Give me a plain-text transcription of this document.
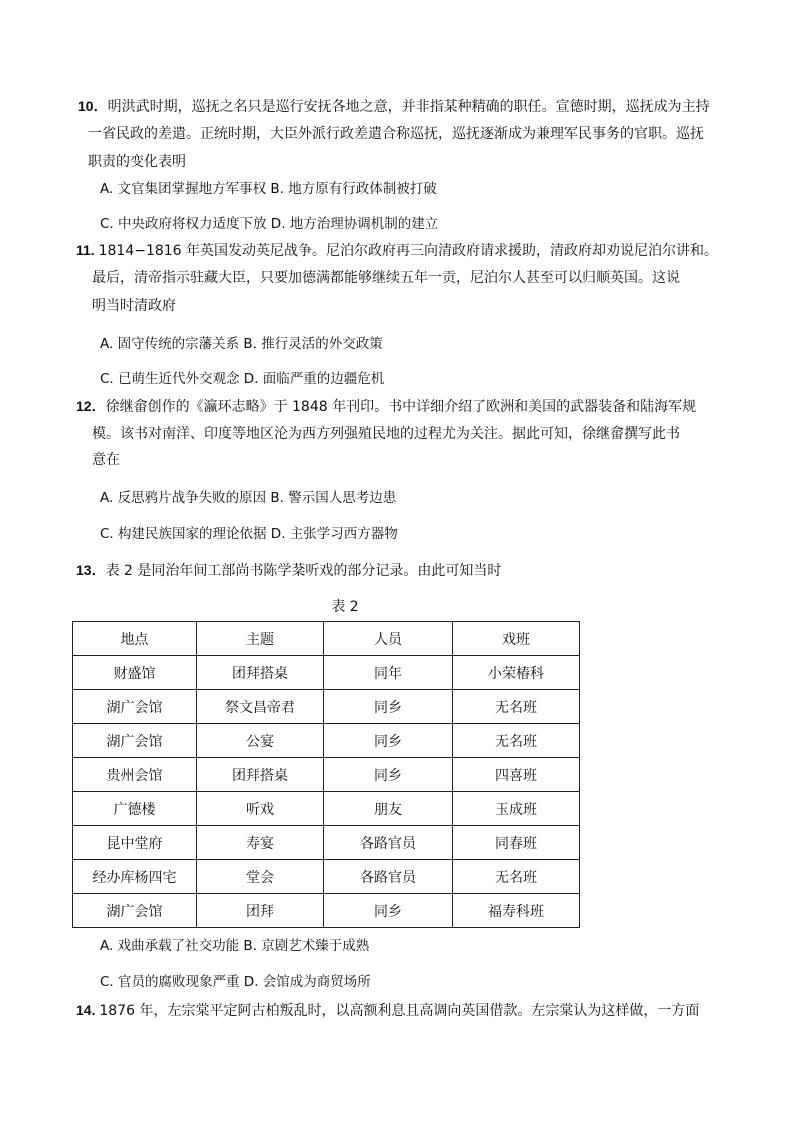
10．明洪武时期，巡抚之名只是巡行安抚各地之意，并非指某种精确的职任。宣德时期，巡抚成为主持
一省民政的差遣。正统时期，大臣外派行政差遣合称巡抚，巡抚逐渐成为兼理军民事务的官职。巡抚
职责的变化表明
A. 文官集团掌握地方军事权 B. 地方原有行政体制被打破
C. 中央政府将权力适度下放 D. 地方治理协调机制的建立
11. 1814−1816 年英国发动英尼战争。尼泊尔政府再三向清政府请求援助，清政府却劝说尼泊尔讲和。
最后，清帝指示驻藏大臣，只要加德满都能够继续五年一贡，尼泊尔人甚至可以归顺英国。这说
明当时清政府
A. 固守传统的宗藩关系 B. 推行灵活的外交政策
C. 已萌生近代外交观念 D. 面临严重的边疆危机
12．徐继畲创作的《瀛环志略》于 1848 年刊印。书中详细介绍了欧洲和美国的武器装备和陆海军规
模。该书对南洋、印度等地区沦为西方列强殖民地的过程尤为关注。据此可知，徐继畲撰写此书
意在
A. 反思鸦片战争失败的原因 B. 警示国人思考边患
C. 构建民族国家的理论依据 D. 主张学习西方器物
13．表 2 是同治年间工部尚书陈学棻听戏的部分记录。由此可知当时
表 2
地点	主题	人员	戏班
财盛馆	团拜搭桌	同年	小荣椿科
湖广会馆	祭文昌帝君	同乡	无名班
湖广会馆	公宴	同乡	无名班
贵州会馆	团拜搭桌	同乡	四喜班
广德楼	听戏	朋友	玉成班
昆中堂府	寿宴	各路官员	同春班
经办库杨四宅	堂会	各路官员	无名班
湖广会馆	团拜	同乡	福寿科班
A. 戏曲承载了社交功能 B. 京剧艺术臻于成熟
C. 官员的腐败现象严重 D. 会馆成为商贸场所
14. 1876 年，左宗棠平定阿古柏叛乱时，以高额利息且高调向英国借款。左宗棠认为这样做，一方面
